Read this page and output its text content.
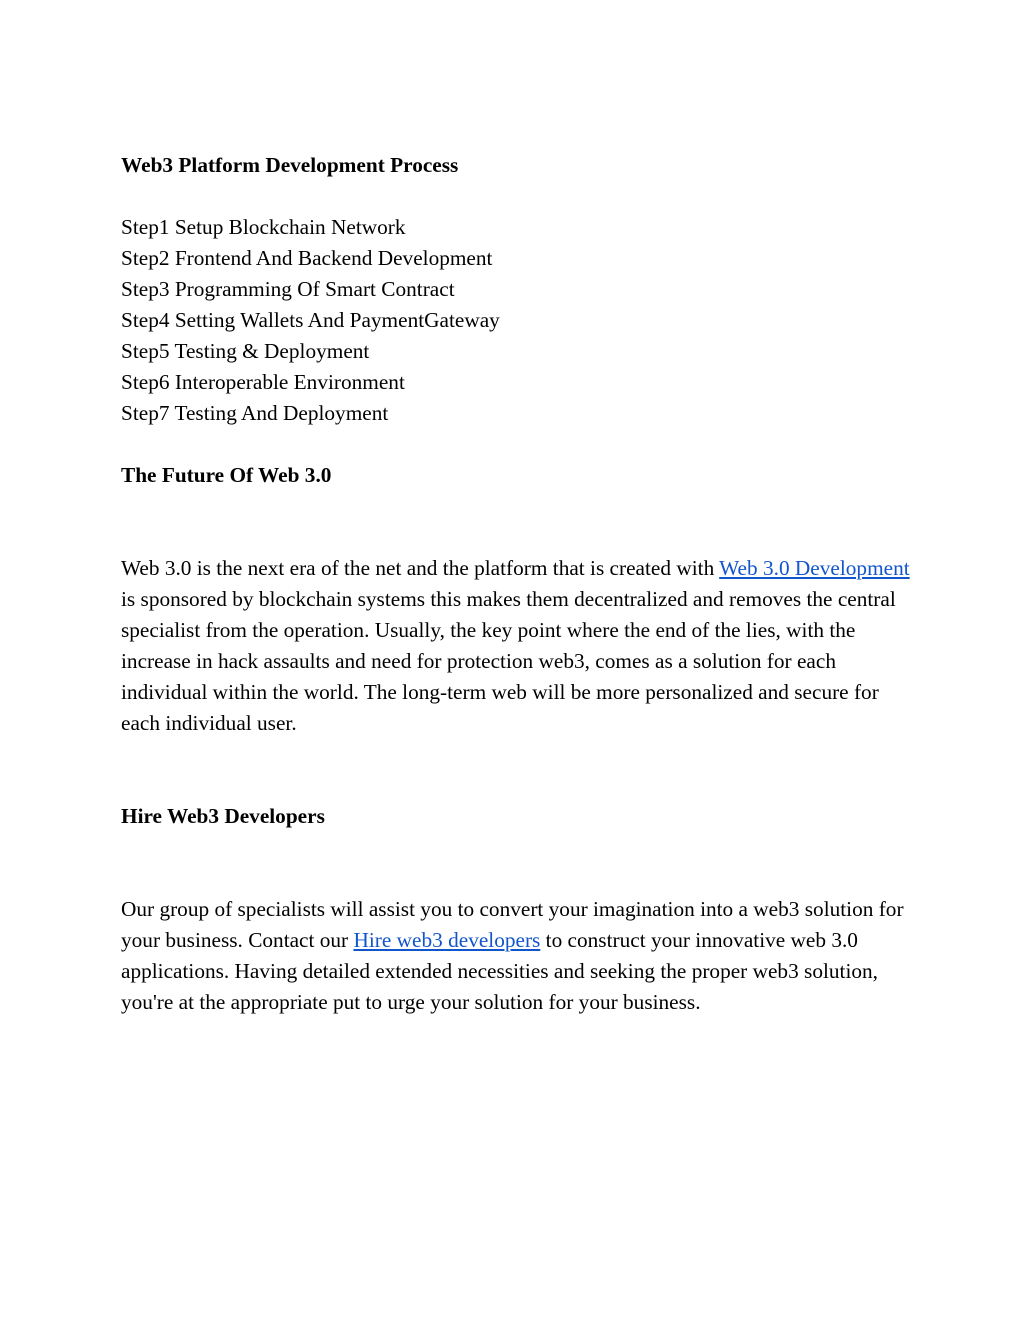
Web3 Platform Development Process
Step1 Setup Blockchain Network
Step2 Frontend And Backend Development
Step3 Programming Of Smart Contract
Step4 Setting Wallets And PaymentGateway
Step5 Testing & Deployment
Step6 Interoperable Environment
Step7 Testing And Deployment
The Future Of Web 3.0

Web 3.0 is the next era of the net and the platform that is created with Web 3.0 Development is sponsored by blockchain systems this makes them decentralized and removes the central specialist from the operation. Usually, the key point where the end of the lies, with the increase in hack assaults and need for protection web3, comes as a solution for each individual within the world. The long-term web will be more personalized and secure for each individual user.

Hire Web3 Developers

Our group of specialists will assist you to convert your imagination into a web3 solution for your business. Contact our Hire web3 developers to construct your innovative web 3.0 applications. Having detailed extended necessities and seeking the proper web3 solution, you're at the appropriate put to urge your solution for your business.
